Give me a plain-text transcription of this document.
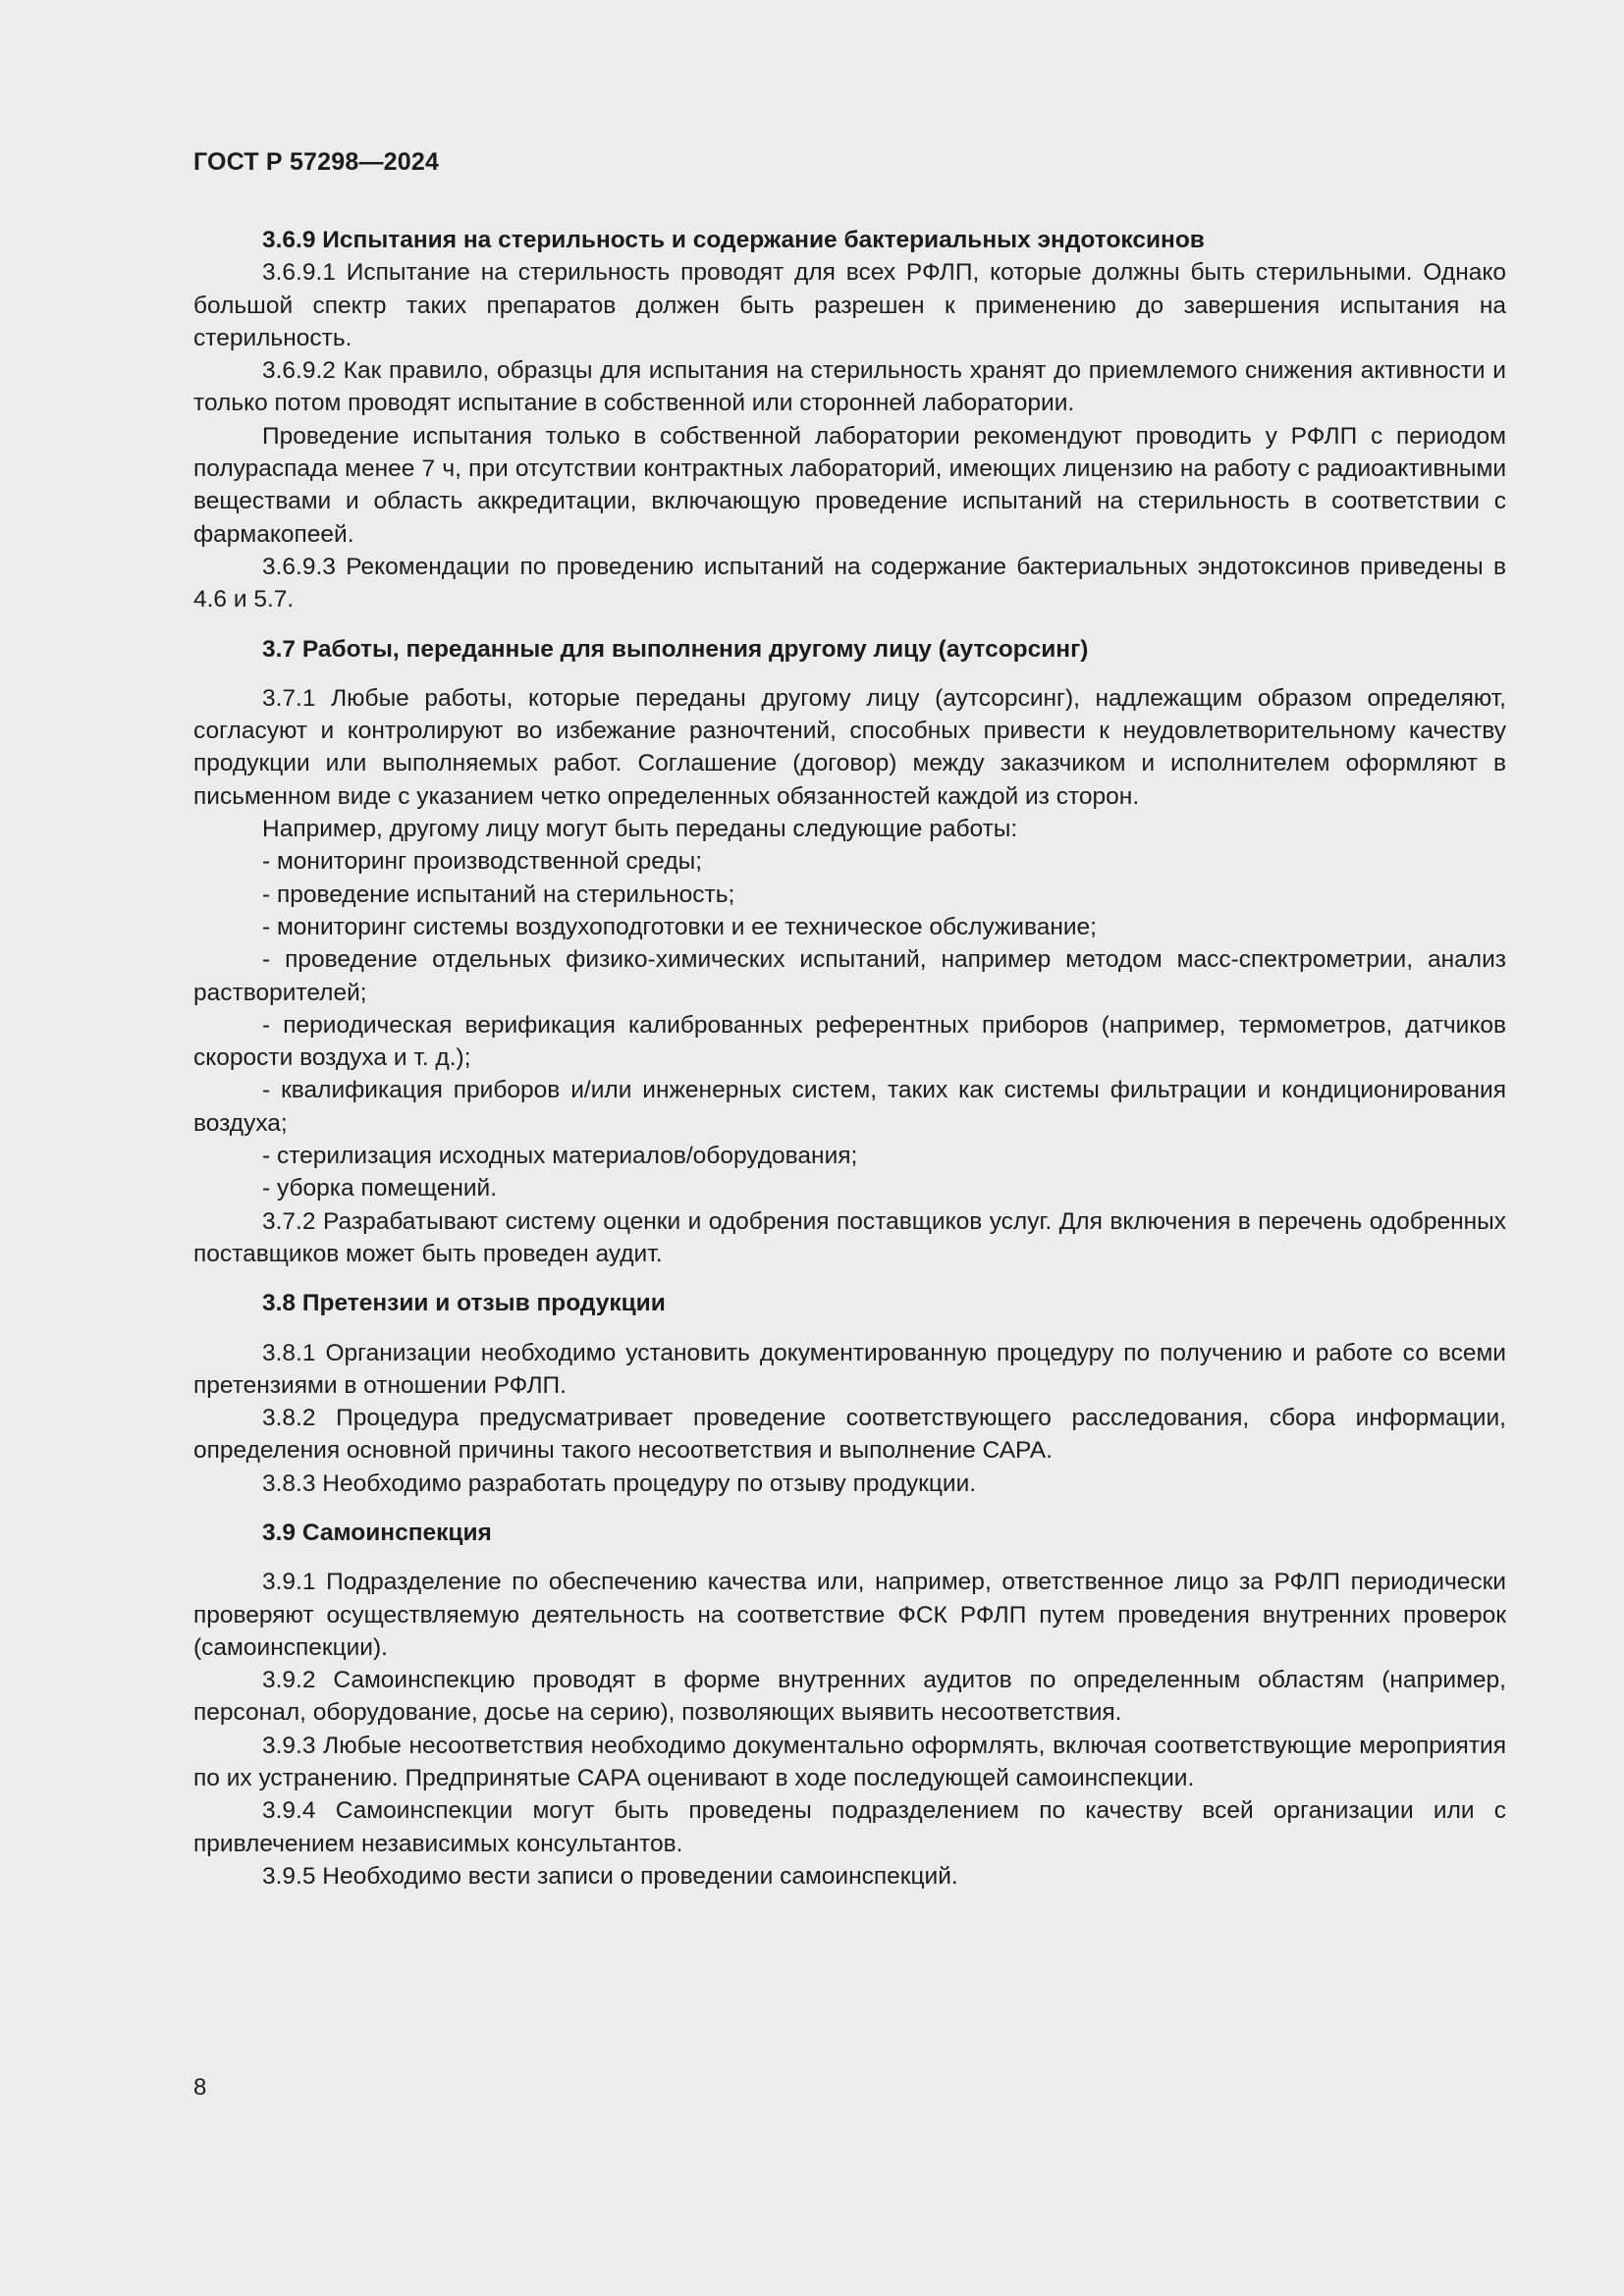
ГОСТ Р 57298—2024

3.6.9 Испытания на стерильность и содержание бактериальных эндотоксинов

3.6.9.1 Испытание на стерильность проводят для всех РФЛП, которые должны быть стерильными. Однако большой спектр таких препаратов должен быть разрешен к применению до завершения испытания на стерильность.

3.6.9.2 Как правило, образцы для испытания на стерильность хранят до приемлемого снижения активности и только потом проводят испытание в собственной или сторонней лаборатории.

Проведение испытания только в собственной лаборатории рекомендуют проводить у РФЛП с периодом полураспада менее 7 ч, при отсутствии контрактных лабораторий, имеющих лицензию на работу с радиоактивными веществами и область аккредитации, включающую проведение испытаний на стерильность в соответствии с фармакопеей.

3.6.9.3 Рекомендации по проведению испытаний на содержание бактериальных эндотоксинов приведены в 4.6 и 5.7.

3.7 Работы, переданные для выполнения другому лицу (аутсорсинг)

3.7.1 Любые работы, которые переданы другому лицу (аутсорсинг), надлежащим образом определяют, согласуют и контролируют во избежание разночтений, способных привести к неудовлетворительному качеству продукции или выполняемых работ. Соглашение (договор) между заказчиком и исполнителем оформляют в письменном виде с указанием четко определенных обязанностей каждой из сторон.

Например, другому лицу могут быть переданы следующие работы:

- мониторинг производственной среды;

- проведение испытаний на стерильность;

- мониторинг системы воздухоподготовки и ее техническое обслуживание;

- проведение отдельных физико-химических испытаний, например методом масс-спектрометрии, анализ растворителей;

- периодическая верификация калиброванных референтных приборов (например, термометров, датчиков скорости воздуха и т. д.);

- квалификация приборов и/или инженерных систем, таких как системы фильтрации и кондиционирования воздуха;

- стерилизация исходных материалов/оборудования;

- уборка помещений.

3.7.2 Разрабатывают систему оценки и одобрения поставщиков услуг. Для включения в перечень одобренных поставщиков может быть проведен аудит.

3.8 Претензии и отзыв продукции

3.8.1 Организации необходимо установить документированную процедуру по получению и работе со всеми претензиями в отношении РФЛП.

3.8.2 Процедура предусматривает проведение соответствующего расследования, сбора информации, определения основной причины такого несоответствия и выполнение САРА.

3.8.3 Необходимо разработать процедуру по отзыву продукции.

3.9 Самоинспекция

3.9.1 Подразделение по обеспечению качества или, например, ответственное лицо за РФЛП периодически проверяют осуществляемую деятельность на соответствие ФСК РФЛП путем проведения внутренних проверок (самоинспекции).

3.9.2 Самоинспекцию проводят в форме внутренних аудитов по определенным областям (например, персонал, оборудование, досье на серию), позволяющих выявить несоответствия.

3.9.3 Любые несоответствия необходимо документально оформлять, включая соответствующие мероприятия по их устранению. Предпринятые САРА оценивают в ходе последующей самоинспекции.

3.9.4 Самоинспекции могут быть проведены подразделением по качеству всей организации или с привлечением независимых консультантов.

3.9.5 Необходимо вести записи о проведении самоинспекций.

8
